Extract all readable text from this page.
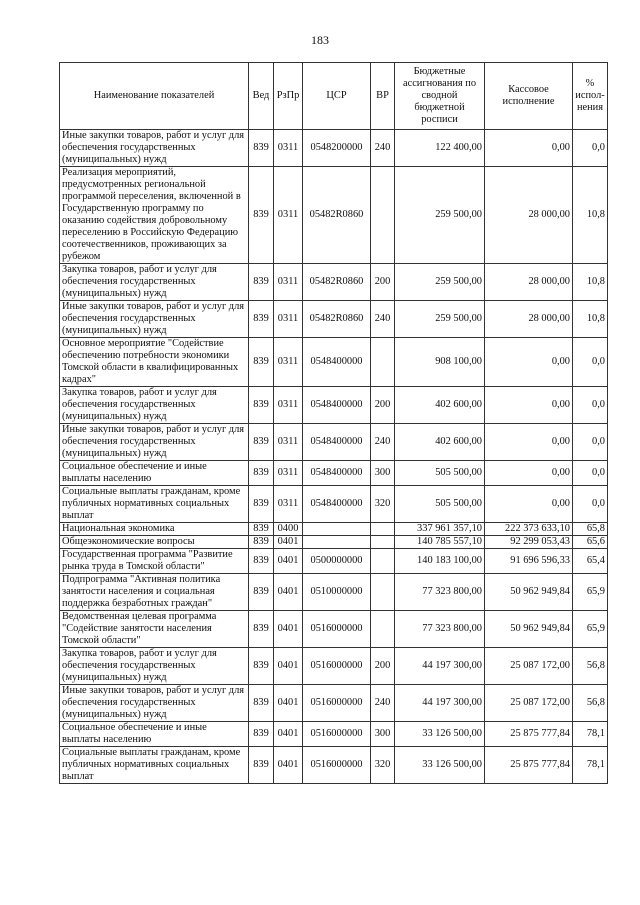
183
Наименование показателей	Вед	РзПр	ЦСР	ВР	Бюджетные ассигнования по сводной бюджетной росписи	Кассовое исполнение	% испол-нения
Иные закупки товаров, работ и услуг для обеспечения государственных (муниципальных) нужд	839	0311	0548200000	240	122 400,00	0,00	0,0
Реализация мероприятий, предусмотренных региональной программой переселения, включенной в Государственную программу по оказанию содействия добровольному переселению в Российскую Федерацию соотечественников, проживающих за рубежом	839	0311	05482R0860		259 500,00	28 000,00	10,8
Закупка товаров, работ и услуг для обеспечения государственных (муниципальных) нужд	839	0311	05482R0860	200	259 500,00	28 000,00	10,8
Иные закупки товаров, работ и услуг для обеспечения государственных (муниципальных) нужд	839	0311	05482R0860	240	259 500,00	28 000,00	10,8
Основное мероприятие "Содействие обеспечению потребности экономики Томской области в квалифицированных кадрах"	839	0311	0548400000		908 100,00	0,00	0,0
Закупка товаров, работ и услуг для обеспечения государственных (муниципальных) нужд	839	0311	0548400000	200	402 600,00	0,00	0,0
Иные закупки товаров, работ и услуг для обеспечения государственных (муниципальных) нужд	839	0311	0548400000	240	402 600,00	0,00	0,0
Социальное обеспечение и иные выплаты населению	839	0311	0548400000	300	505 500,00	0,00	0,0
Социальные выплаты гражданам, кроме публичных нормативных социальных выплат	839	0311	0548400000	320	505 500,00	0,00	0,0
Национальная экономика	839	0400			337 961 357,10	222 373 633,10	65,8
Общеэкономические вопросы	839	0401			140 785 557,10	92 299 053,43	65,6
Государственная программа "Развитие рынка труда в Томской области"	839	0401	0500000000		140 183 100,00	91 696 596,33	65,4
Подпрограмма "Активная политика занятости населения и социальная поддержка безработных граждан"	839	0401	0510000000		77 323 800,00	50 962 949,84	65,9
Ведомственная целевая программа "Содействие занятости населения Томской области"	839	0401	0516000000		77 323 800,00	50 962 949,84	65,9
Закупка товаров, работ и услуг для обеспечения государственных (муниципальных) нужд	839	0401	0516000000	200	44 197 300,00	25 087 172,00	56,8
Иные закупки товаров, работ и услуг для обеспечения государственных (муниципальных) нужд	839	0401	0516000000	240	44 197 300,00	25 087 172,00	56,8
Социальное обеспечение и иные выплаты населению	839	0401	0516000000	300	33 126 500,00	25 875 777,84	78,1
Социальные выплаты гражданам, кроме публичных нормативных социальных выплат	839	0401	0516000000	320	33 126 500,00	25 875 777,84	78,1
